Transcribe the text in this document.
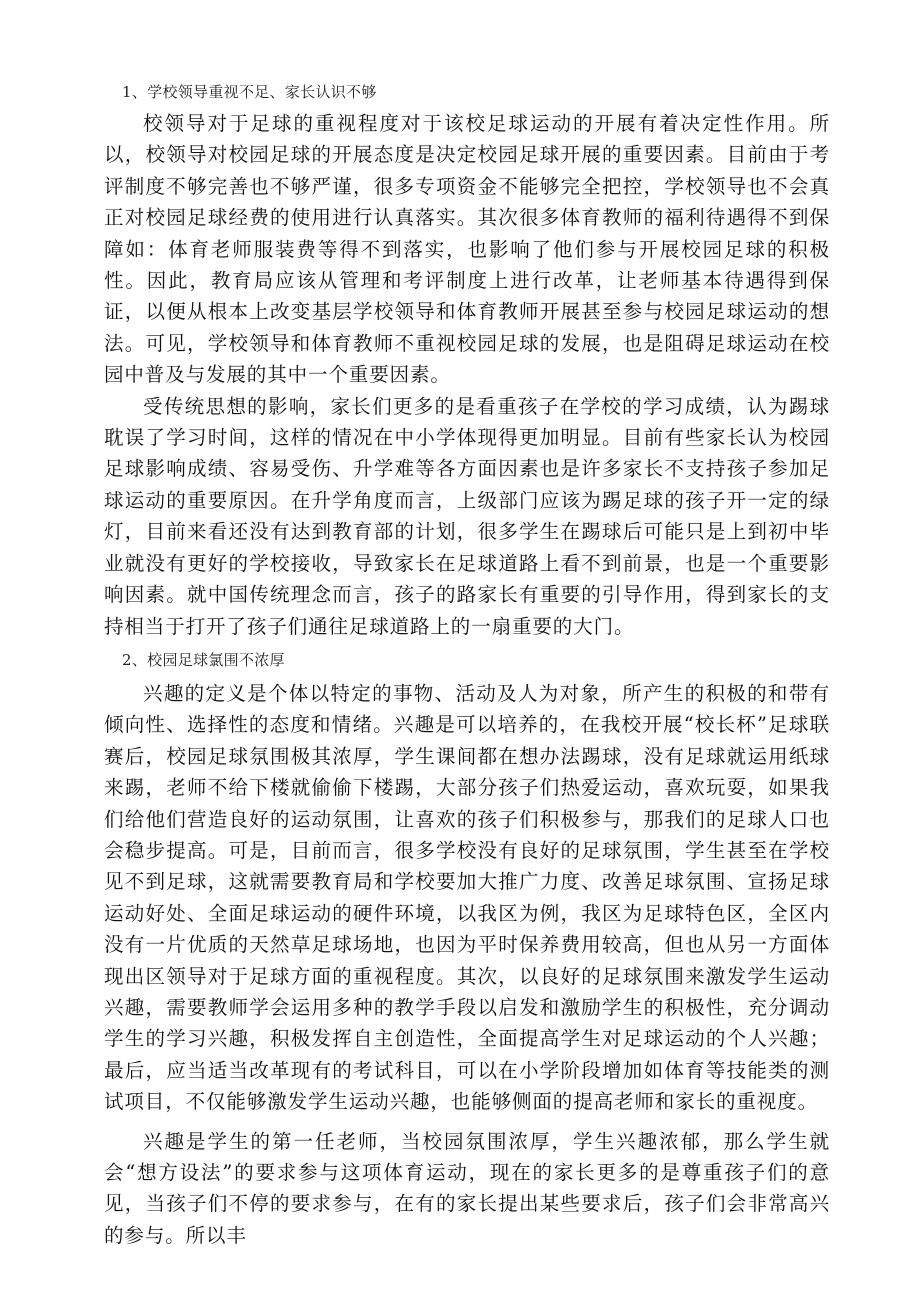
1、学校领导重视不足、家长认识不够

校领导对于足球的重视程度对于该校足球运动的开展有着决定性作用。所以，校领导对校园足球的开展态度是决定校园足球开展的重要因素。目前由于考评制度不够完善也不够严谨，很多专项资金不能够完全把控，学校领导也不会真正对校园足球经费的使用进行认真落实。其次很多体育教师的福利待遇得不到保障如：体育老师服装费等得不到落实，也影响了他们参与开展校园足球的积极性。因此，教育局应该从管理和考评制度上进行改革，让老师基本待遇得到保证，以便从根本上改变基层学校领导和体育教师开展甚至参与校园足球运动的想法。可见，学校领导和体育教师不重视校园足球的发展，也是阻碍足球运动在校园中普及与发展的其中一个重要因素。

受传统思想的影响，家长们更多的是看重孩子在学校的学习成绩，认为踢球耽误了学习时间，这样的情况在中小学体现得更加明显。目前有些家长认为校园足球影响成绩、容易受伤、升学难等各方面因素也是许多家长不支持孩子参加足球运动的重要原因。在升学角度而言，上级部门应该为踢足球的孩子开一定的绿灯，目前来看还没有达到教育部的计划，很多学生在踢球后可能只是上到初中毕业就没有更好的学校接收，导致家长在足球道路上看不到前景，也是一个重要影响因素。就中国传统理念而言，孩子的路家长有重要的引导作用，得到家长的支持相当于打开了孩子们通往足球道路上的一扇重要的大门。

2、校园足球氯围不浓厚

兴趣的定义是个体以特定的事物、活动及人为对象，所产生的积极的和带有倾向性、选择性的态度和情绪。兴趣是可以培养的，在我校开展“校长杯”足球联赛后，校园足球氛围极其浓厚，学生课间都在想办法踢球，没有足球就运用纸球来踢，老师不给下楼就偷偷下楼踢，大部分孩子们热爱运动，喜欢玩耍，如果我们给他们营造良好的运动氛围，让喜欢的孩子们积极参与，那我们的足球人口也会稳步提高。可是，目前而言，很多学校没有良好的足球氛围，学生甚至在学校见不到足球，这就需要教育局和学校要加大推广力度、改善足球氛围、宣扬足球运动好处、全面足球运动的硬件环境，以我区为例，我区为足球特色区，全区内没有一片优质的天然草足球场地，也因为平时保养费用较高，但也从另一方面体现出区领导对于足球方面的重视程度。其次，以良好的足球氛围来激发学生运动兴趣，需要教师学会运用多种的教学手段以启发和激励学生的积极性，充分调动学生的学习兴趣，积极发挥自主创造性，全面提高学生对足球运动的个人兴趣；最后，应当适当改革现有的考试科目，可以在小学阶段增加如体育等技能类的测试项目，不仅能够激发学生运动兴趣，也能够侧面的提高老师和家长的重视度。

兴趣是学生的第一任老师，当校园氛围浓厚，学生兴趣浓郁，那么学生就会“想方设法”的要求参与这项体育运动，现在的家长更多的是尊重孩子们的意见，当孩子们不停的要求参与，在有的家长提出某些要求后，孩子们会非常高兴的参与。所以丰
